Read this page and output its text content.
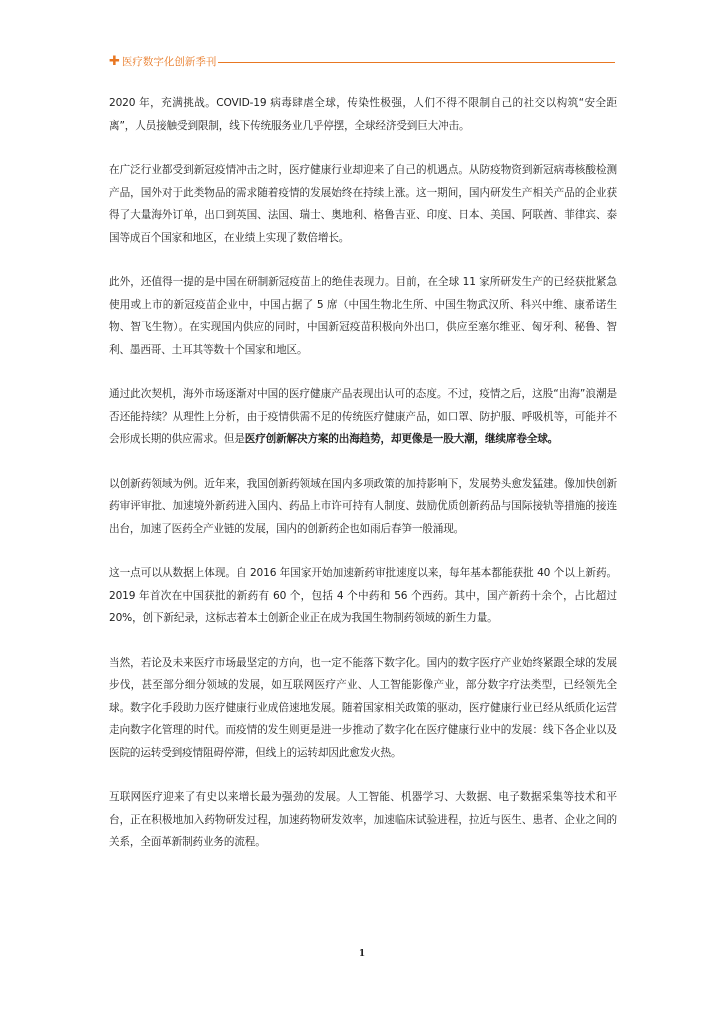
✚ 医疗数字化创新季刊

2020 年，充满挑战。COVID-19 病毒肆虐全球，传染性极强，人们不得不限制自己的社交以构筑“安全距离”，人员接触受到限制，线下传统服务业几乎停摆，全球经济受到巨大冲击。

在广泛行业都受到新冠疫情冲击之时，医疗健康行业却迎来了自己的机遇点。从防疫物资到新冠病毒核酸检测产品，国外对于此类物品的需求随着疫情的发展始终在持续上涨。这一期间，国内研发生产相关产品的企业获得了大量海外订单，出口到英国、法国、瑞士、奥地利、格鲁吉亚、印度、日本、美国、阿联酋、菲律宾、泰国等成百个国家和地区，在业绩上实现了数倍增长。

此外，还值得一提的是中国在研制新冠疫苗上的绝佳表现力。目前，在全球 11 家所研发生产的已经获批紧急使用或上市的新冠疫苗企业中，中国占据了 5 席（中国生物北生所、中国生物武汉所、科兴中维、康希诺生物、智飞生物）。在实现国内供应的同时，中国新冠疫苗积极向外出口，供应至塞尔维亚、匈牙利、秘鲁、智利、墨西哥、土耳其等数十个国家和地区。

通过此次契机，海外市场逐渐对中国的医疗健康产品表现出认可的态度。不过，疫情之后，这股“出海”浪潮是否还能持续？从理性上分析，由于疫情供需不足的传统医疗健康产品，如口罩、防护服、呼吸机等，可能并不会形成长期的供应需求。但是医疗创新解决方案的出海趋势，却更像是一股大潮，继续席卷全球。

以创新药领域为例。近年来，我国创新药领域在国内多项政策的加持影响下，发展势头愈发猛建。像加快创新药审评审批、加速境外新药进入国内、药品上市许可持有人制度、鼓励优质创新药品与国际接轨等措施的接连出台，加速了医药全产业链的发展，国内的创新药企也如雨后春笋一般涌现。

这一点可以从数据上体现。自 2016 年国家开始加速新药审批速度以来，每年基本都能获批 40 个以上新药。2019 年首次在中国获批的新药有 60 个，包括 4 个中药和 56 个西药。其中，国产新药十余个，占比超过 20%，创下新纪录，这标志着本土创新企业正在成为我国生物制药领域的新生力量。

当然，若论及未来医疗市场最坚定的方向，也一定不能落下数字化。国内的数字医疗产业始终紧跟全球的发展步伐，甚至部分细分领域的发展，如互联网医疗产业、人工智能影像产业，部分数字疗法类型，已经领先全球。数字化手段助力医疗健康行业成倍速地发展。随着国家相关政策的驱动，医疗健康行业已经从纸质化运营走向数字化管理的时代。而疫情的发生则更是进一步推动了数字化在医疗健康行业中的发展：线下各企业以及医院的运转受到疫情阻碍停滞，但线上的运转却因此愈发火热。

互联网医疗迎来了有史以来增长最为强劲的发展。人工智能、机器学习、大数据、电子数据采集等技术和平台，正在积极地加入药物研发过程，加速药物研发效率，加速临床试验进程，拉近与医生、患者、企业之间的关系，全面革新制药业务的流程。

1
